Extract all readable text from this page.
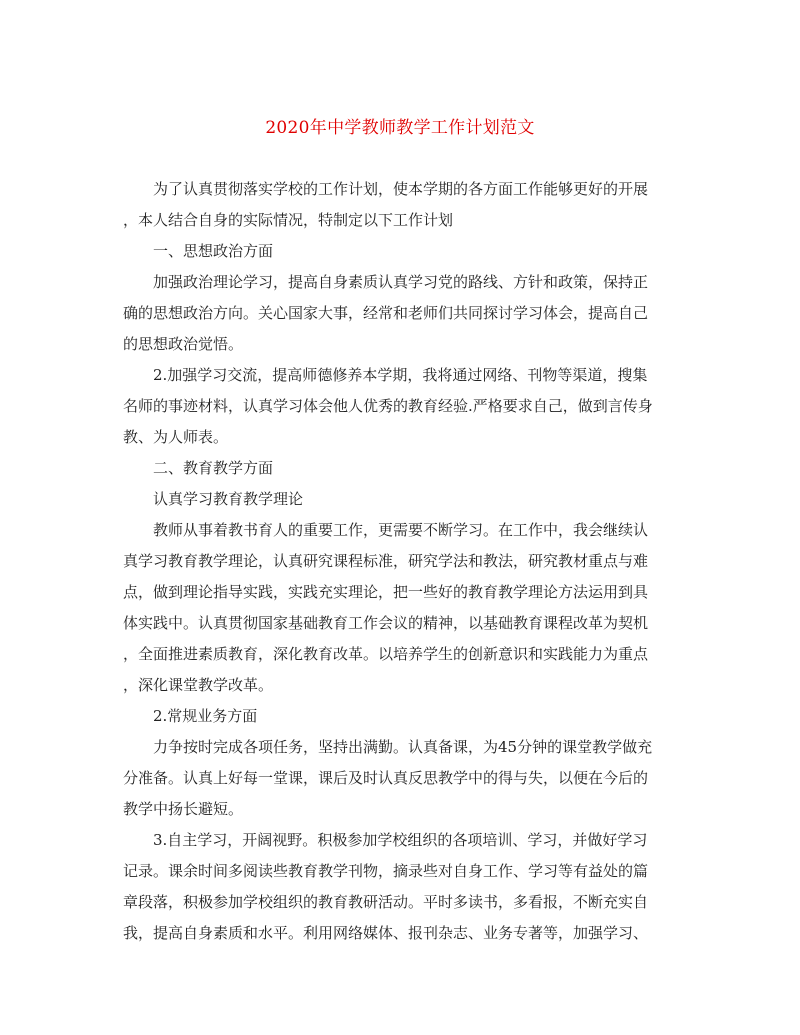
2020年中学教师教学工作计划范文
为了认真贯彻落实学校的工作计划，使本学期的各方面工作能够更好的开展
，本人结合自身的实际情况，特制定以下工作计划
一、思想政治方面
加强政治理论学习，提高自身素质认真学习党的路线、方针和政策，保持正
确的思想政治方向。关心国家大事，经常和老师们共同探讨学习体会，提高自己
的思想政治觉悟。
2.加强学习交流，提高师德修养本学期，我将通过网络、刊物等渠道，搜集
名师的事迹材料，认真学习体会他人优秀的教育经验.严格要求自己，做到言传身
教、为人师表。
二、教育教学方面
认真学习教育教学理论
教师从事着教书育人的重要工作，更需要不断学习。在工作中，我会继续认
真学习教育教学理论，认真研究课程标准，研究学法和教法，研究教材重点与难
点，做到理论指导实践，实践充实理论，把一些好的教育教学理论方法运用到具
体实践中。认真贯彻国家基础教育工作会议的精神，以基础教育课程改革为契机
，全面推进素质教育，深化教育改革。以培养学生的创新意识和实践能力为重点
，深化课堂教学改革。
2.常规业务方面
力争按时完成各项任务，坚持出满勤。认真备课，为45分钟的课堂教学做充
分准备。认真上好每一堂课，课后及时认真反思教学中的得与失，以便在今后的
教学中扬长避短。
3.自主学习，开阔视野。积极参加学校组织的各项培训、学习，并做好学习
记录。课余时间多阅读些教育教学刊物，摘录些对自身工作、学习等有益处的篇
章段落，积极参加学校组织的教育教研活动。平时多读书，多看报，不断充实自
我，提高自身素质和水平。利用网络媒体、报刊杂志、业务专著等，加强学习、
